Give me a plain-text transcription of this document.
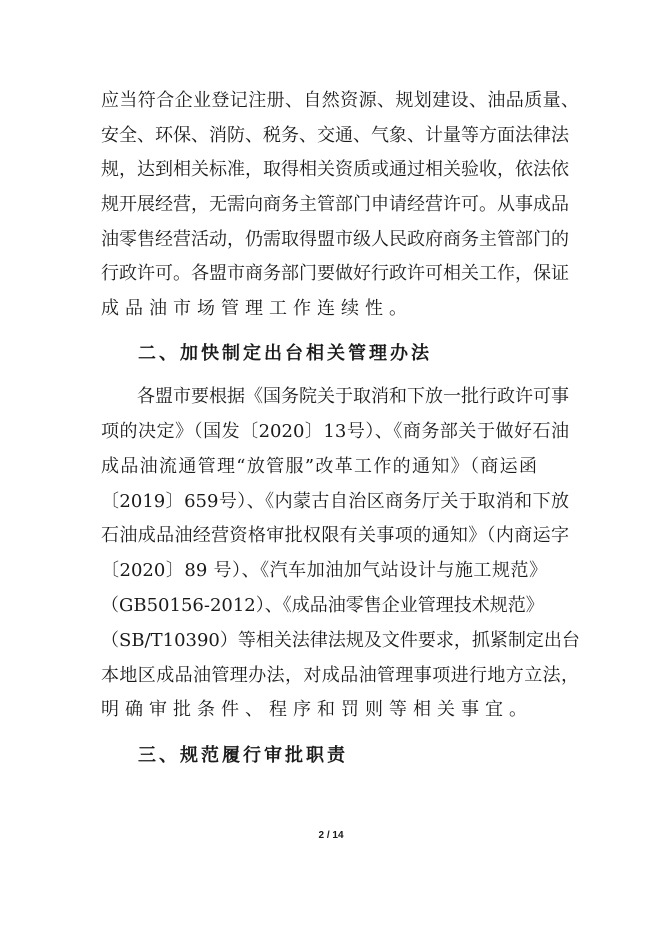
应当符合企业登记注册、自然资源、规划建设、油品质量、
安全、环保、消防、税务、交通、气象、计量等方面法律法
规，达到相关标准，取得相关资质或通过相关验收，依法依
规开展经营，无需向商务主管部门申请经营许可。从事成品
油零售经营活动，仍需取得盟市级人民政府商务主管部门的
行政许可。各盟市商务部门要做好行政许可相关工作，保证
成品油市场管理工作连续性。
二、加快制定出台相关管理办法
　　各盟市要根据《国务院关于取消和下放一批行政许可事
项的决定》（国发〔2020〕13号）、《商务部关于做好石油
成品油流通管理“放管服”改革工作的通知》（商运函
〔2019〕659号）、《内蒙古自治区商务厅关于取消和下放
石油成品油经营资格审批权限有关事项的通知》（内商运字
〔2020〕89 号）、《汽车加油加气站设计与施工规范》
（GB50156-2012）、《成品油零售企业管理技术规范》
（SB/T10390）等相关法律法规及文件要求，抓紧制定出台
本地区成品油管理办法，对成品油管理事项进行地方立法，
明确审批条件、程序和罚则等相关事宜。
三、规范履行审批职责
2 / 14
